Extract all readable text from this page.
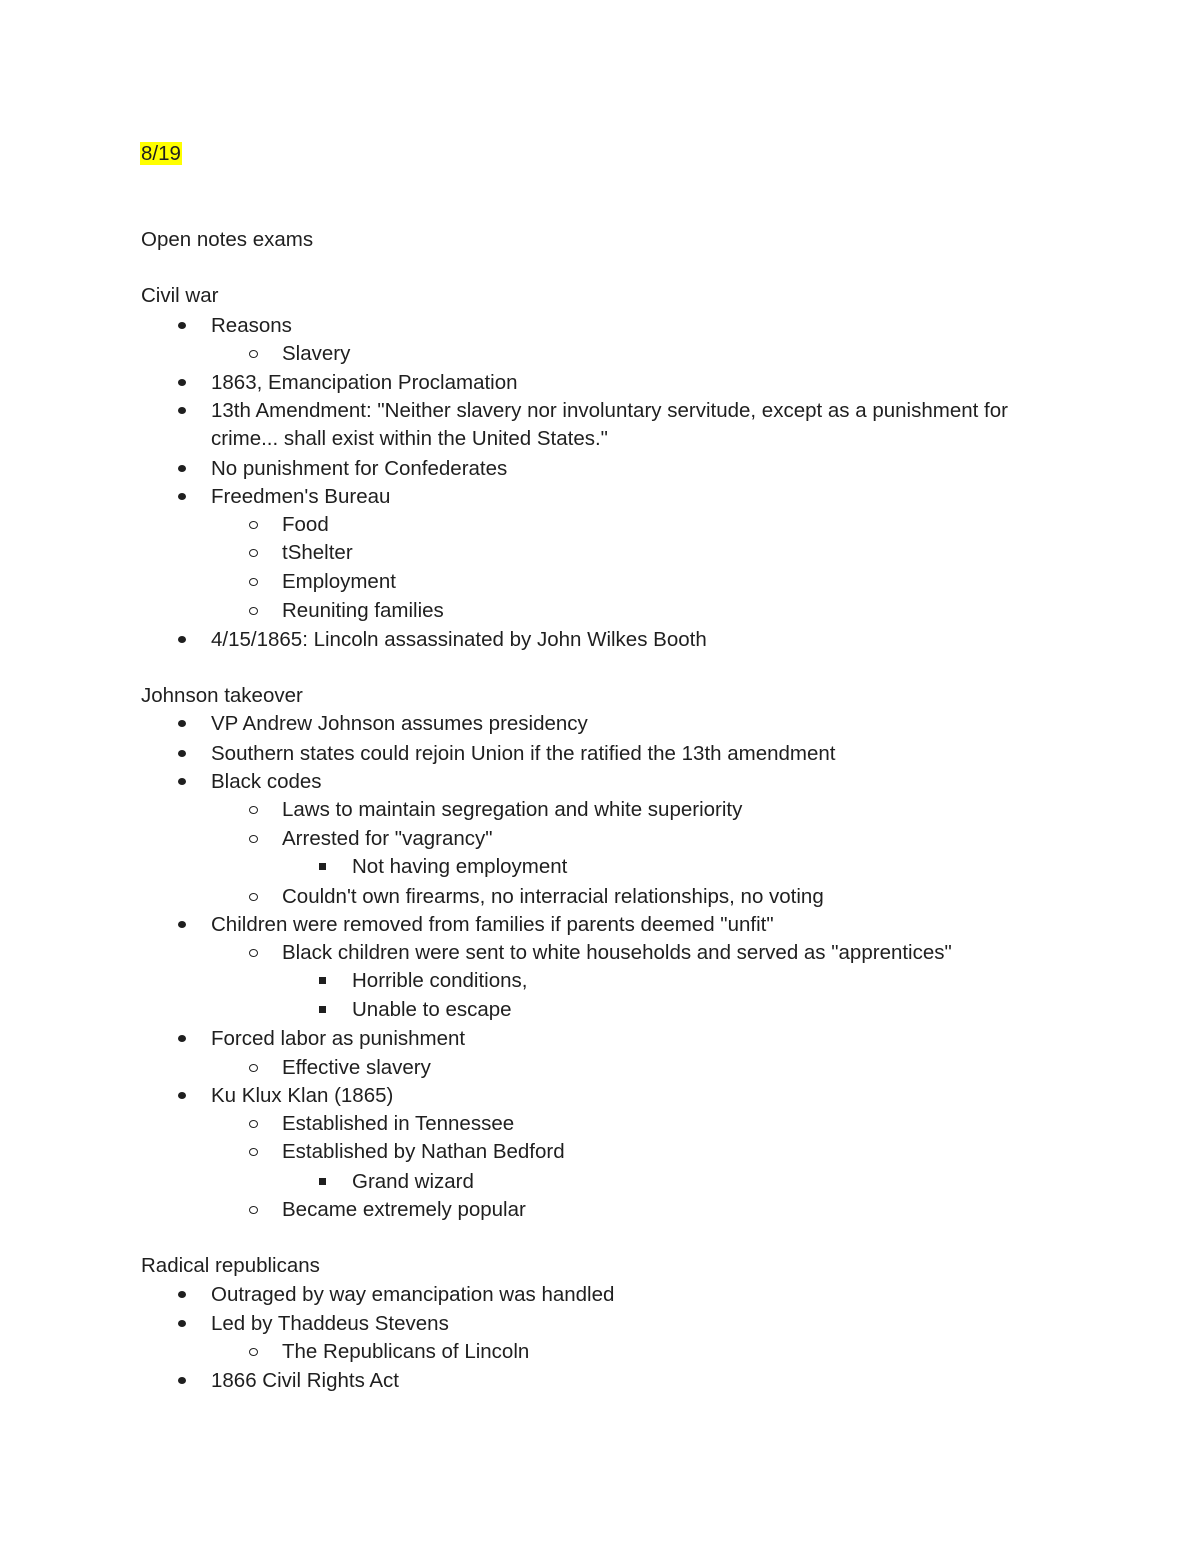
8/19
Open notes exams
Civil war
Reasons
Slavery
1863, Emancipation Proclamation
13th Amendment: "Neither slavery nor involuntary servitude, except as a punishment for
crime... shall exist within the United States."
No punishment for Confederates
Freedmen's Bureau
Food
tShelter
Employment
Reuniting families
4/15/1865: Lincoln assassinated by John Wilkes Booth
Johnson takeover
VP Andrew Johnson assumes presidency
Southern states could rejoin Union if the ratified the 13th amendment
Black codes
Laws to maintain segregation and white superiority
Arrested for "vagrancy"
Not having employment
Couldn't own firearms, no interracial relationships, no voting
Children were removed from families if parents deemed "unfit"
Black children were sent to white households and served as "apprentices"
Horrible conditions,
Unable to escape
Forced labor as punishment
Effective slavery
Ku Klux Klan (1865)
Established in Tennessee
Established by Nathan Bedford
Grand wizard
Became extremely popular
Radical republicans
Outraged by way emancipation was handled
Led by Thaddeus Stevens
The Republicans of Lincoln
1866 Civil Rights Act
